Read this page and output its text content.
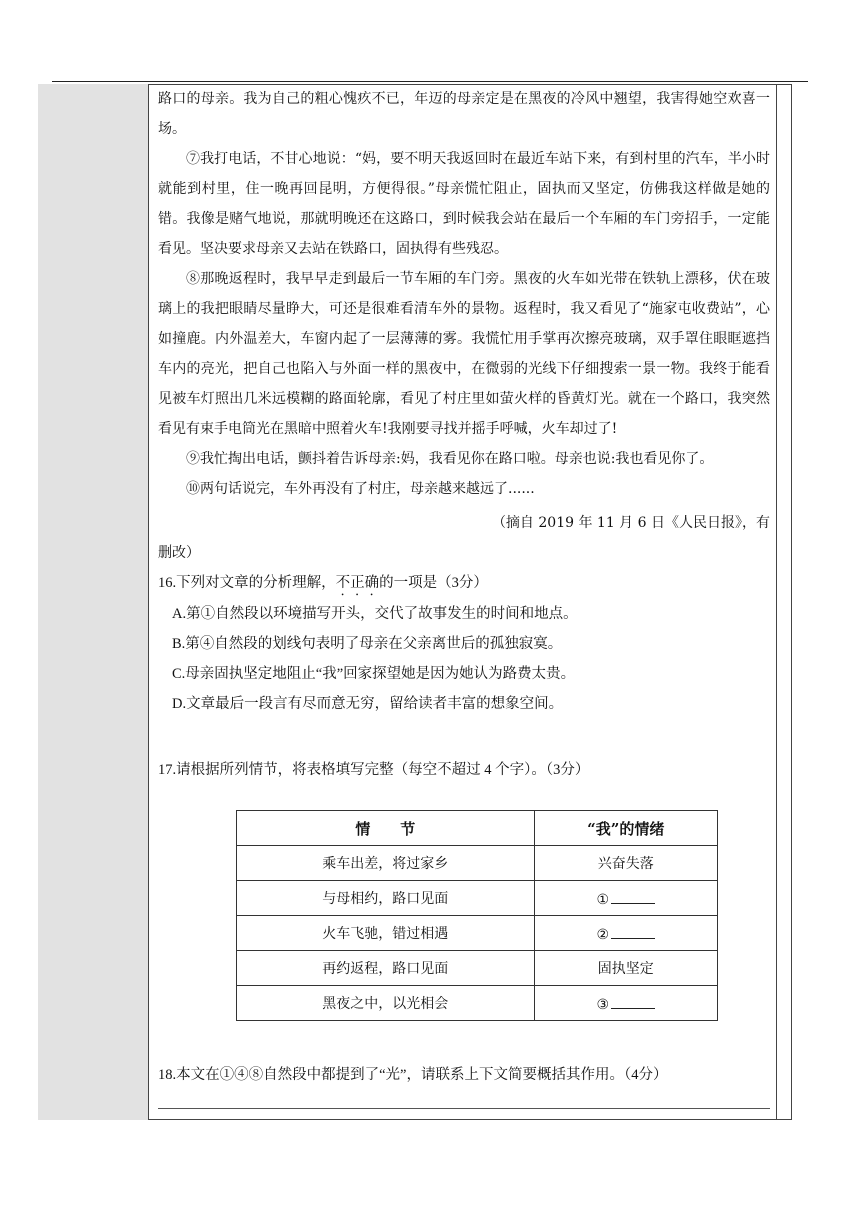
路口的母亲。我为自己的粗心愧疚不已，年迈的母亲定是在黑夜的冷风中翘望，我害得她空欢喜一场。

⑦我打电话，不甘心地说：“妈，要不明天我返回时在最近车站下来，有到村里的汽车，半小时就能到村里，住一晚再回昆明，方便得很。”母亲慌忙阻止，固执而又坚定，仿佛我这样做是她的错。我像是赌气地说，那就明晚还在这路口，到时候我会站在最后一个车厢的车门旁招手，一定能看见。坚决要求母亲又去站在铁路口，固执得有些残忍。

⑧那晚返程时，我早早走到最后一节车厢的车门旁。黑夜的火车如光带在铁轨上漂移，伏在玻璃上的我把眼睛尽量睁大，可还是很难看清车外的景物。返程时，我又看见了“施家屯收费站”，心如撞鹿。内外温差大，车窗内起了一层薄薄的雾。我慌忙用手掌再次擦亮玻璃，双手罩住眼眶遮挡车内的亮光，把自己也陷入与外面一样的黑夜中，在微弱的光线下仔细搜索一景一物。我终于能看见被车灯照出几米远模糊的路面轮廓，看见了村庄里如萤火样的昏黄灯光。就在一个路口，我突然看见有束手电筒光在黑暗中照着火车!我刚要寻找并摇手呼喊，火车却过了!

⑨我忙掏出电话，颤抖着告诉母亲:妈，我看见你在路口啦。母亲也说:我也看见你了。

⑩两句话说完，车外再没有了村庄，母亲越来越远了......

（摘自 2019 年 11 月 6 日《人民日报》，有

删改）

16.下列对文章的分析理解，不正确的一项是（3分）

A.第①自然段以环境描写开头，交代了故事发生的时间和地点。

B.第④自然段的划线句表明了母亲在父亲离世后的孤独寂寞。

C.母亲固执坚定地阻止“我”回家探望她是因为她认为路费太贵。

D.文章最后一段言有尽而意无穷，留给读者丰富的想象空间。

17.请根据所列情节，将表格填写完整（每空不超过 4 个字）。（3分）

情　　节	“我”的情绪
乘车出差，将过家乡	兴奋失落
与母相约，路口见面	①
火车飞驰，错过相遇	②
再约返程，路口见面	固执坚定
黑夜之中，以光相会	③

18.本文在①④⑧自然段中都提到了“光”，请联系上下文简要概括其作用。（4分）
